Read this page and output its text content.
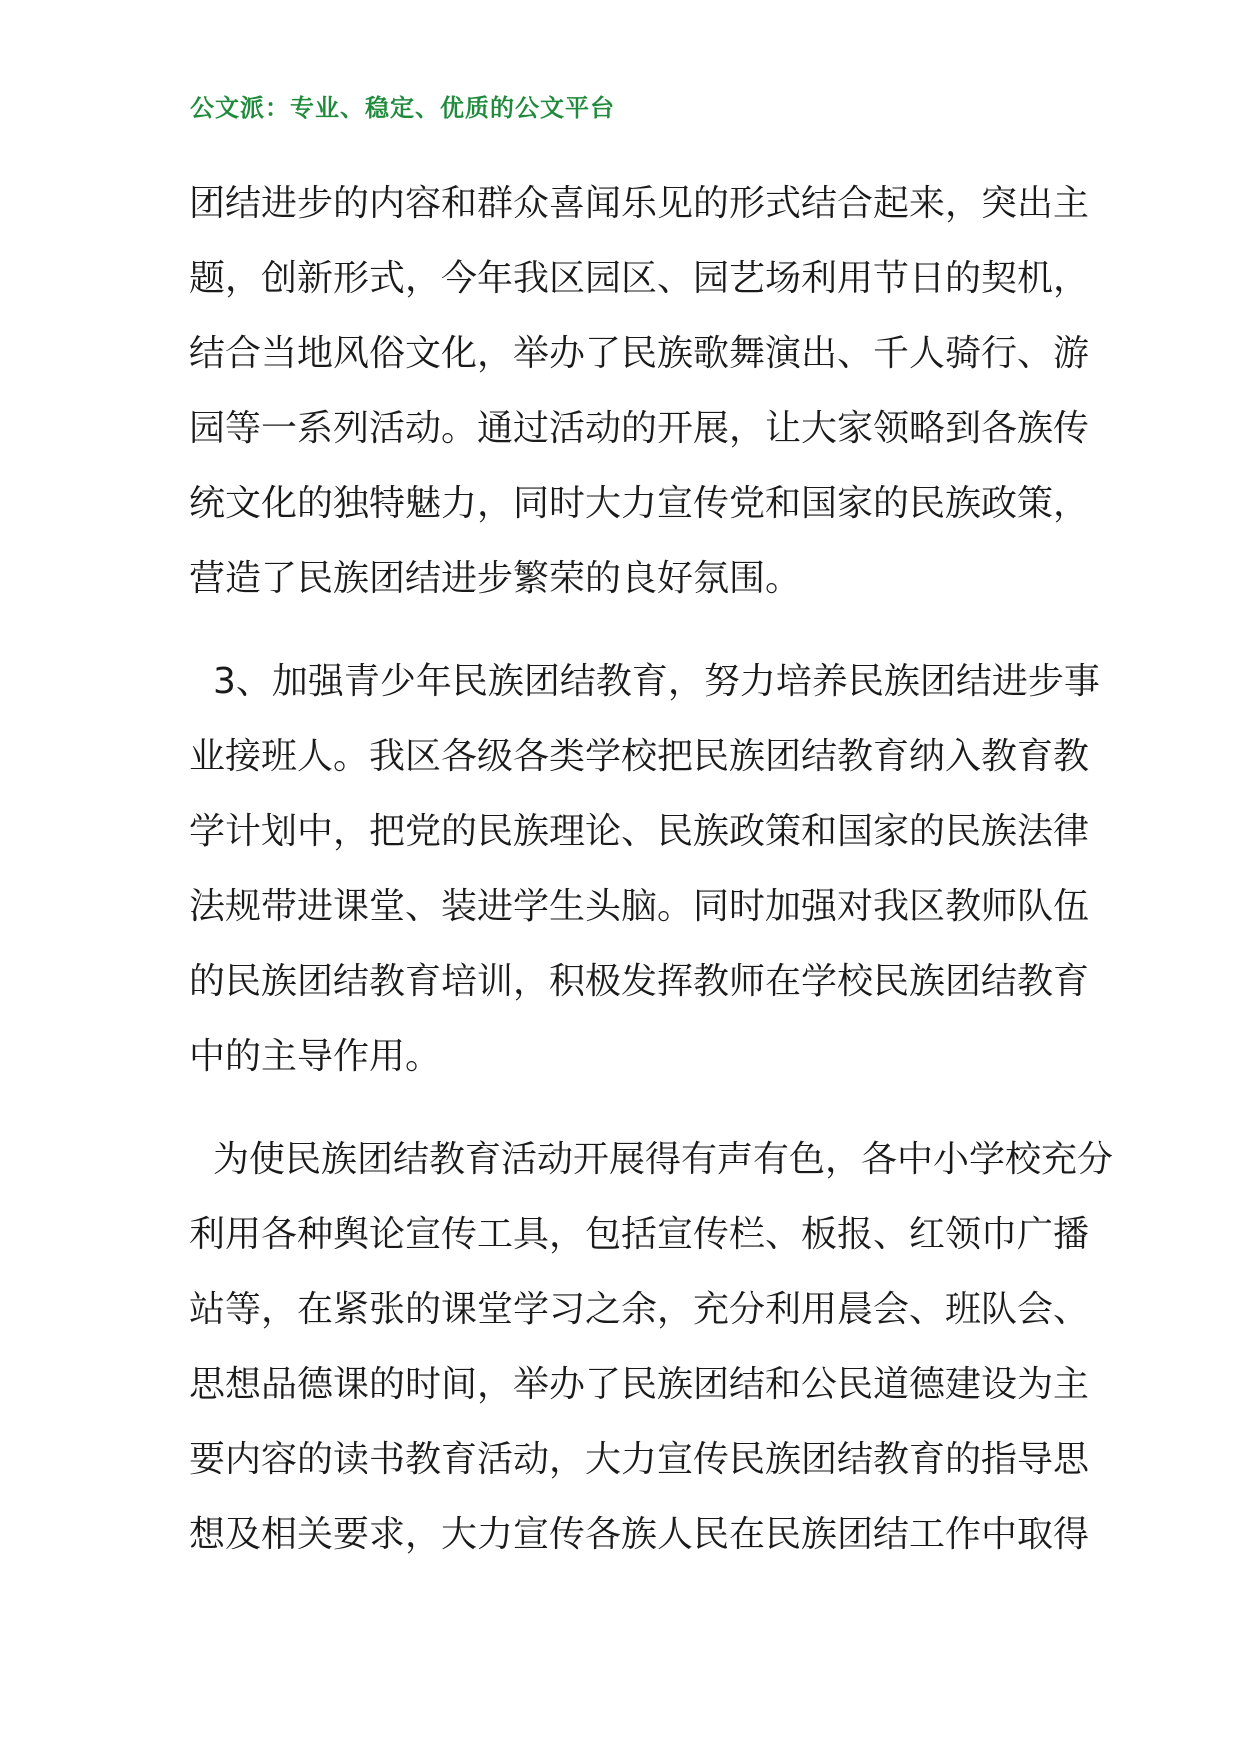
公文派：专业、稳定、优质的公文平台
团结进步的内容和群众喜闻乐见的形式结合起来，突出主
题，创新形式，今年我区园区、园艺场利用节日的契机，
结合当地风俗文化，举办了民族歌舞演出、千人骑行、游
园等一系列活动。通过活动的开展，让大家领略到各族传
统文化的独特魅力，同时大力宣传党和国家的民族政策，
营造了民族团结进步繁荣的良好氛围。
3、加强青少年民族团结教育，努力培养民族团结进步事
业接班人。我区各级各类学校把民族团结教育纳入教育教
学计划中，把党的民族理论、民族政策和国家的民族法律
法规带进课堂、装进学生头脑。同时加强对我区教师队伍
的民族团结教育培训，积极发挥教师在学校民族团结教育
中的主导作用。
为使民族团结教育活动开展得有声有色，各中小学校充分
利用各种舆论宣传工具，包括宣传栏、板报、红领巾广播
站等，在紧张的课堂学习之余，充分利用晨会、班队会、
思想品德课的时间，举办了民族团结和公民道德建设为主
要内容的读书教育活动，大力宣传民族团结教育的指导思
想及相关要求，大力宣传各族人民在民族团结工作中取得
